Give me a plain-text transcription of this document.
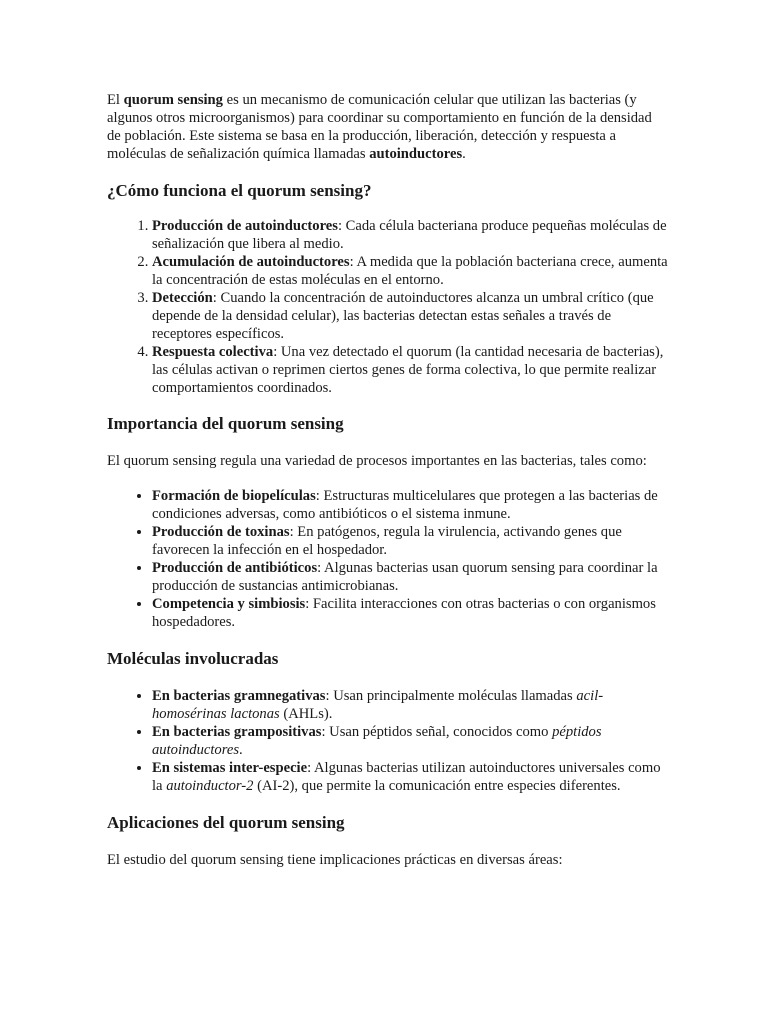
El quorum sensing es un mecanismo de comunicación celular que utilizan las bacterias (y algunos otros microorganismos) para coordinar su comportamiento en función de la densidad de población. Este sistema se basa en la producción, liberación, detección y respuesta a moléculas de señalización química llamadas autoinductores.

¿Cómo funciona el quorum sensing?
1. Producción de autoinductores: Cada célula bacteriana produce pequeñas moléculas de señalización que libera al medio.
2. Acumulación de autoinductores: A medida que la población bacteriana crece, aumenta la concentración de estas moléculas en el entorno.
3. Detección: Cuando la concentración de autoinductores alcanza un umbral crítico (que depende de la densidad celular), las bacterias detectan estas señales a través de receptores específicos.
4. Respuesta colectiva: Una vez detectado el quorum (la cantidad necesaria de bacterias), las células activan o reprimen ciertos genes de forma colectiva, lo que permite realizar comportamientos coordinados.
Importancia del quorum sensing

El quorum sensing regula una variedad de procesos importantes en las bacterias, tales como:

• Formación de biopelículas: Estructuras multicelulares que protegen a las bacterias de condiciones adversas, como antibióticos o el sistema inmune.
• Producción de toxinas: En patógenos, regula la virulencia, activando genes que favorecen la infección en el hospedador.
• Producción de antibióticos: Algunas bacterias usan quorum sensing para coordinar la producción de sustancias antimicrobianas.
• Competencia y simbiosis: Facilita interacciones con otras bacterias o con organismos hospedadores.
Moléculas involucradas
• En bacterias gramnegativas: Usan principalmente moléculas llamadas acil-homosérinas lactonas (AHLs).
• En bacterias grampositivas: Usan péptidos señal, conocidos como péptidos autoinductores.
• En sistemas inter-especie: Algunas bacterias utilizan autoinductores universales como la autoinductor-2 (AI-2), que permite la comunicación entre especies diferentes.
Aplicaciones del quorum sensing

El estudio del quorum sensing tiene implicaciones prácticas en diversas áreas:
